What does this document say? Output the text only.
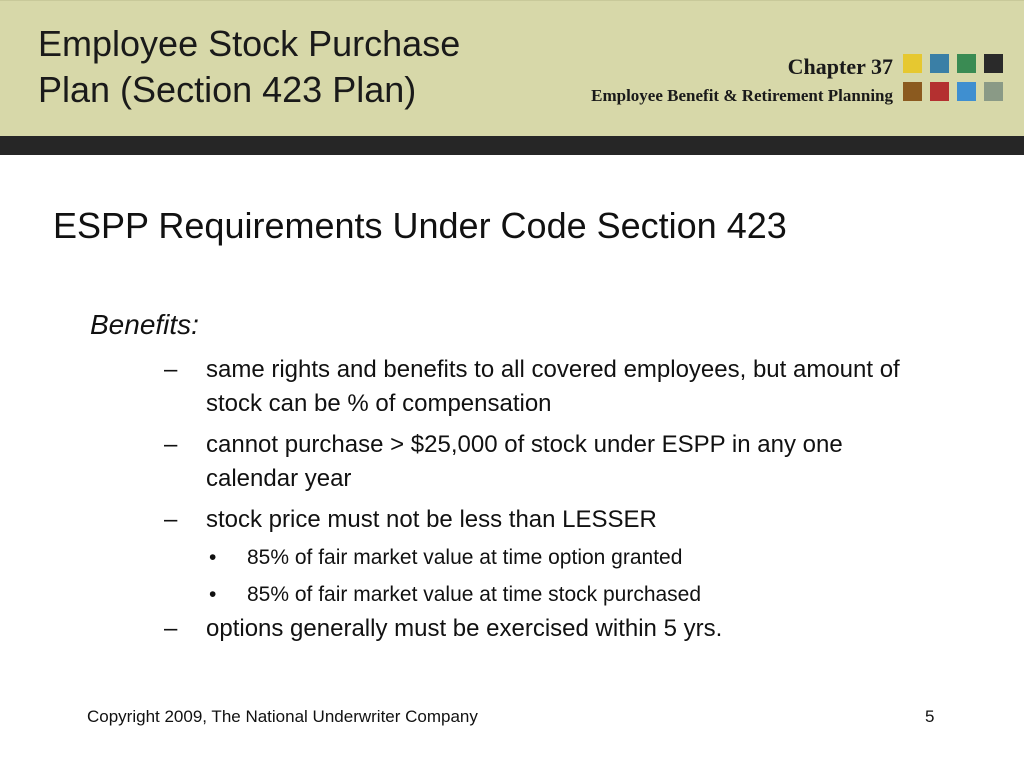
Employee Stock Purchase
Plan (Section 423 Plan)
Chapter 37
Employee Benefit & Retirement Planning
ESPP Requirements Under Code Section 423
Benefits:
– same rights and benefits to all covered employees, but amount of stock can be % of compensation
– cannot purchase > $25,000 of stock under ESPP in any one calendar year
– stock price must not be less than LESSER
• 85% of fair market value at time option granted
• 85% of fair market value at time stock purchased
– options generally must be exercised within 5 yrs.
Copyright 2009, The National Underwriter Company	5
